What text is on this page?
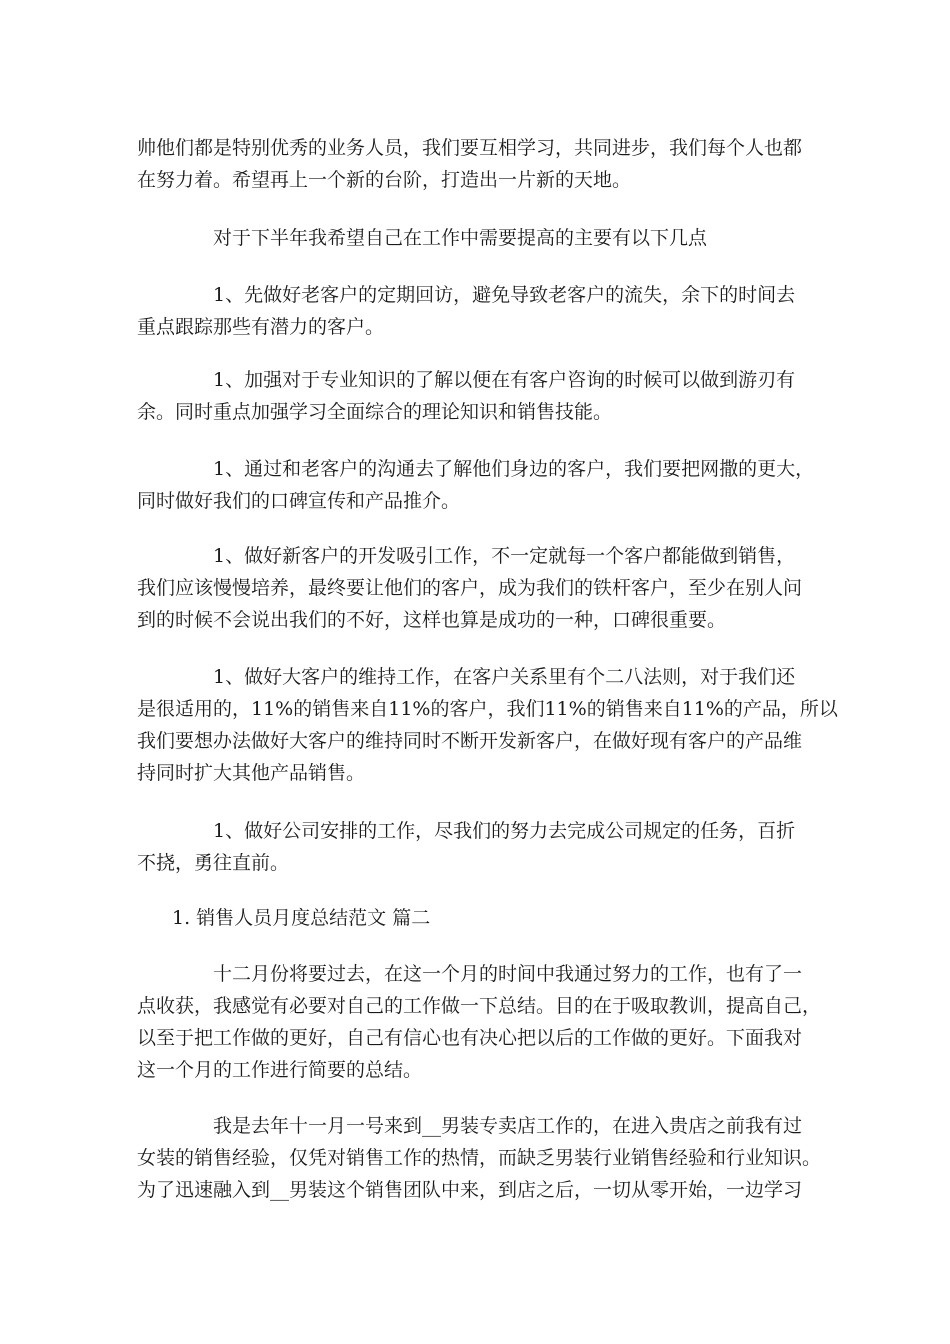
帅他们都是特别优秀的业务人员，我们要互相学习，共同进步，我们每个人也都
在努力着。希望再上一个新的台阶，打造出一片新的天地。
对于下半年我希望自己在工作中需要提高的主要有以下几点
1、先做好老客户的定期回访，避免导致老客户的流失，余下的时间去
重点跟踪那些有潜力的客户。
1、加强对于专业知识的了解以便在有客户咨询的时候可以做到游刃有
余。同时重点加强学习全面综合的理论知识和销售技能。
1、通过和老客户的沟通去了解他们身边的客户，我们要把网撒的更大，
同时做好我们的口碑宣传和产品推介。
1、做好新客户的开发吸引工作，不一定就每一个客户都能做到销售，
我们应该慢慢培养，最终要让他们的客户，成为我们的铁杆客户，至少在别人问
到的时候不会说出我们的不好，这样也算是成功的一种，口碑很重要。
1、做好大客户的维持工作，在客户关系里有个二八法则，对于我们还
是很适用的，11%的销售来自11%的客户，我们11%的销售来自11%的产品，所以
我们要想办法做好大客户的维持同时不断开发新客户，在做好现有客户的产品维
持同时扩大其他产品销售。
1、做好公司安排的工作，尽我们的努力去完成公司规定的任务，百折
不挠，勇往直前。
1. 销售人员月度总结范文 篇二
十二月份将要过去，在这一个月的时间中我通过努力的工作，也有了一
点收获，我感觉有必要对自己的工作做一下总结。目的在于吸取教训，提高自己，
以至于把工作做的更好，自己有信心也有决心把以后的工作做的更好。下面我对
这一个月的工作进行简要的总结。
我是去年十一月一号来到__男装专卖店工作的，在进入贵店之前我有过
女装的销售经验，仅凭对销售工作的热情，而缺乏男装行业销售经验和行业知识。
为了迅速融入到__男装这个销售团队中来，到店之后，一切从零开始，一边学习
